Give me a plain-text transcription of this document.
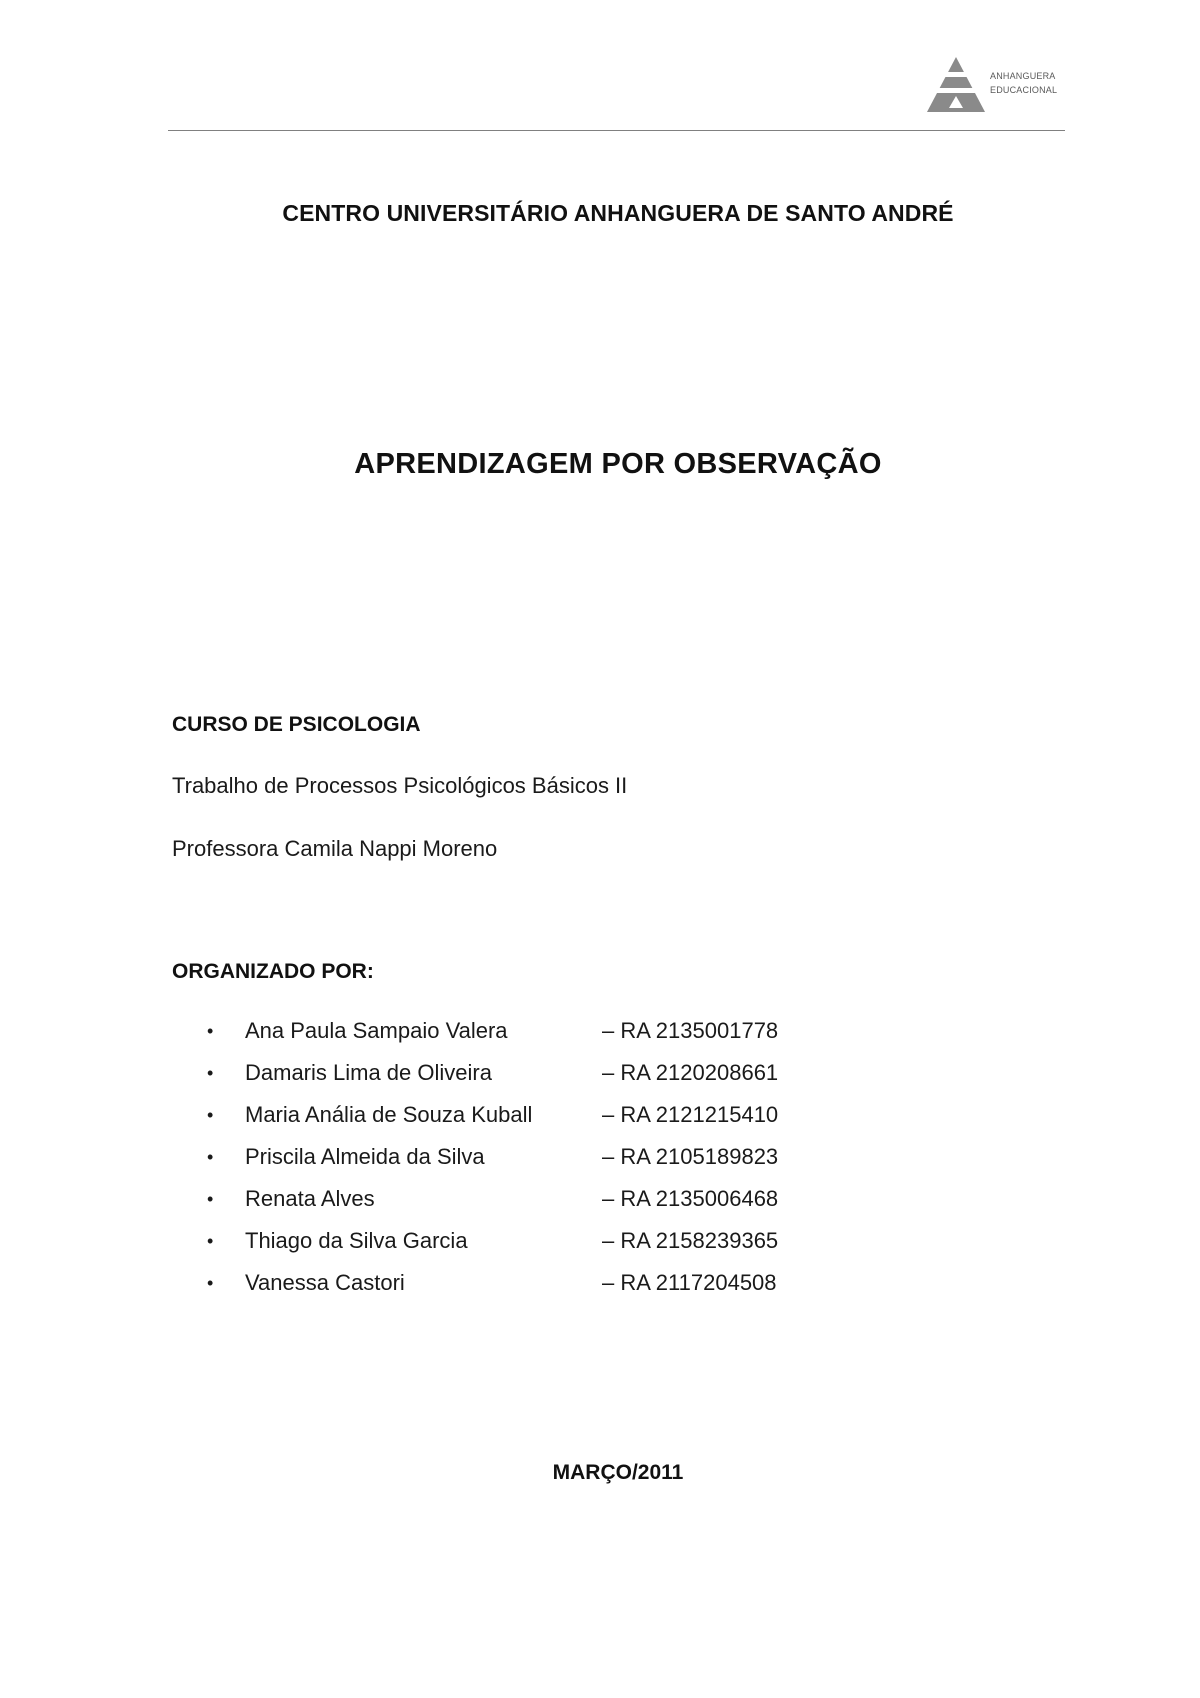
ANHANGUERA
EDUCACIONAL
CENTRO UNIVERSITÁRIO ANHANGUERA DE SANTO ANDRÉ
APRENDIZAGEM POR OBSERVAÇÃO
CURSO DE PSICOLOGIA
Trabalho de Processos Psicológicos Básicos II
Professora Camila Nappi Moreno
ORGANIZADO POR:
• Ana Paula Sampaio Valera	– RA 2135001778
• Damaris Lima de Oliveira	– RA 2120208661
• Maria Anália de Souza Kuball	– RA 2121215410
• Priscila Almeida da Silva	– RA 2105189823
• Renata Alves	– RA 2135006468
• Thiago da Silva Garcia	– RA 2158239365
• Vanessa Castori	– RA 2117204508
MARÇO/2011
